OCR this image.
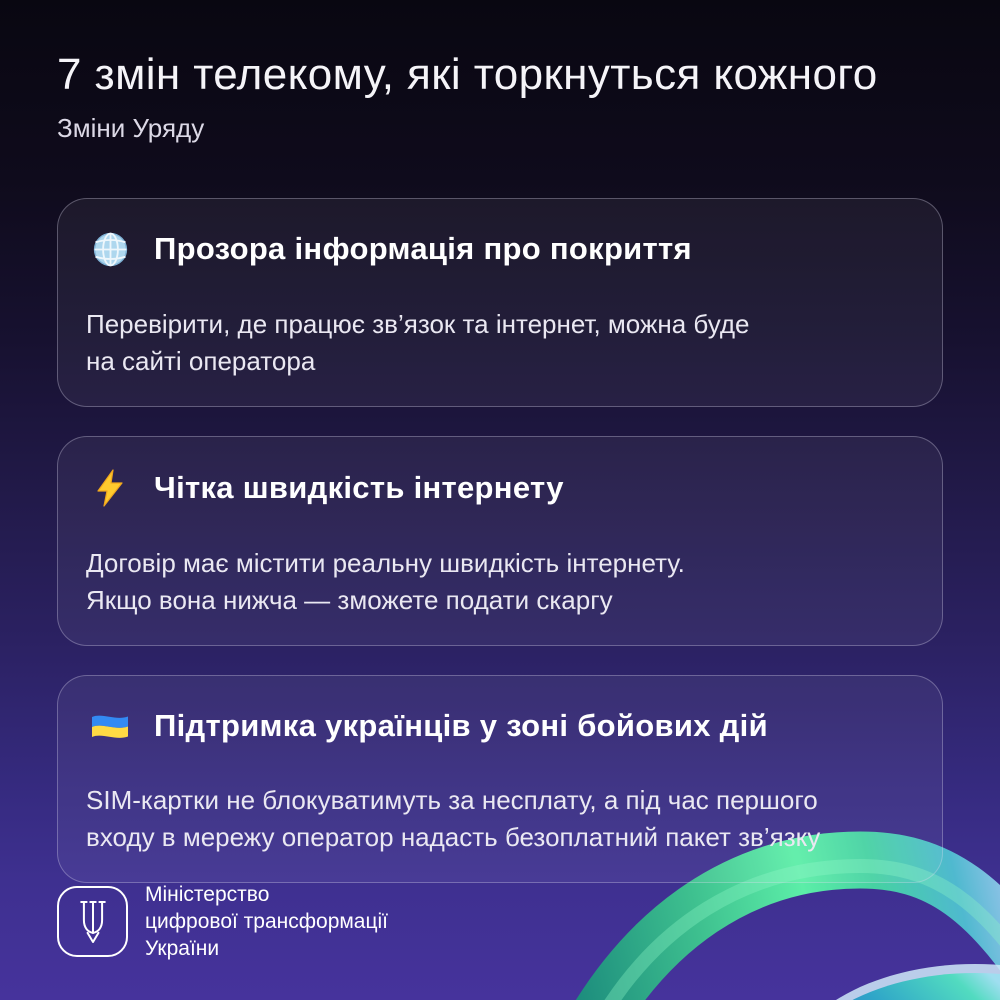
7 змін телекому, які торкнуться кожного
Зміни Уряду
Прозора інформація про покриття
Перевірити, де працює зв’язок та інтернет, можна буде
на сайті оператора
Чітка швидкість інтернету
Договір має містити реальну швидкість інтернету.
Якщо вона нижча — зможете подати скаргу
Підтримка українців у зоні бойових дій
SIM-картки не блокуватимуть за несплату, а під час першого
входу в мережу оператор надасть безоплатний пакет зв’язку
Міністерство
цифрової трансформації
України
